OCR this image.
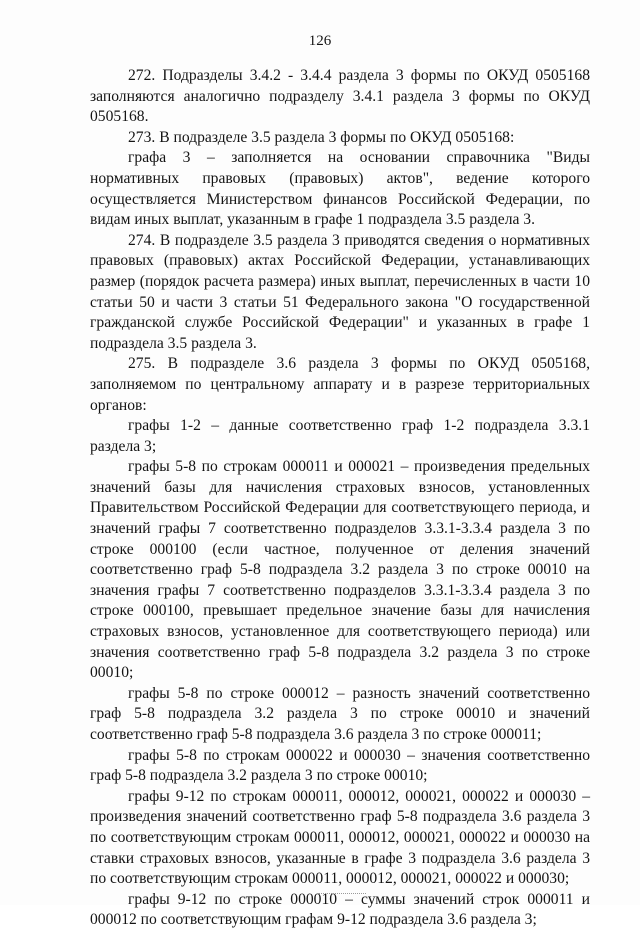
126

272. Подразделы 3.4.2 - 3.4.4 раздела 3 формы по ОКУД 0505168 заполняются аналогично подразделу 3.4.1 раздела 3 формы по ОКУД 0505168.

273. В подразделе 3.5 раздела 3 формы по ОКУД 0505168:

графа 3 – заполняется на основании справочника "Виды нормативных правовых (правовых) актов", ведение которого осуществляется Министерством финансов Российской Федерации, по видам иных выплат, указанным в графе 1 подраздела 3.5 раздела 3.

274. В подразделе 3.5 раздела 3 приводятся сведения о нормативных правовых (правовых) актах Российской Федерации, устанавливающих размер (порядок расчета размера) иных выплат, перечисленных в части 10 статьи 50 и части 3 статьи 51 Федерального закона "О государственной гражданской службе Российской Федерации" и указанных в графе 1 подраздела 3.5 раздела 3.

275. В подразделе 3.6 раздела 3 формы по ОКУД 0505168, заполняемом по центральному аппарату и в разрезе территориальных органов:

графы 1-2 – данные соответственно граф 1-2 подраздела 3.3.1 раздела 3;

графы 5-8 по строкам 000011 и 000021 – произведения предельных значений базы для начисления страховых взносов, установленных Правительством Российской Федерации для соответствующего периода, и значений графы 7 соответственно подразделов 3.3.1-3.3.4 раздела 3 по строке 000100 (если частное, полученное от деления значений соответственно граф 5-8 подраздела 3.2 раздела 3 по строке 00010 на значения графы 7 соответственно подразделов 3.3.1-3.3.4 раздела 3 по строке 000100, превышает предельное значение базы для начисления страховых взносов, установленное для соответствующего периода) или значения соответственно граф 5-8 подраздела 3.2 раздела 3 по строке 00010;

графы 5-8 по строке 000012 – разность значений соответственно граф 5-8 подраздела 3.2 раздела 3 по строке 00010 и значений соответственно граф 5-8 подраздела 3.6 раздела 3 по строке 000011;

графы 5-8 по строкам 000022 и 000030 – значения соответственно граф 5-8 подраздела 3.2 раздела 3 по строке 00010;

графы 9-12 по строкам 000011, 000012, 000021, 000022 и 000030 – произведения значений соответственно граф 5-8 подраздела 3.6 раздела 3 по соответствующим строкам 000011, 000012, 000021, 000022 и 000030 на ставки страховых взносов, указанные в графе 3 подраздела 3.6 раздела 3 по соответствующим строкам 000011, 000012, 000021, 000022 и 000030;

графы 9-12 по строке 000010 – суммы значений строк 000011 и 000012 по соответствующим графам 9-12 подраздела 3.6 раздела 3;
